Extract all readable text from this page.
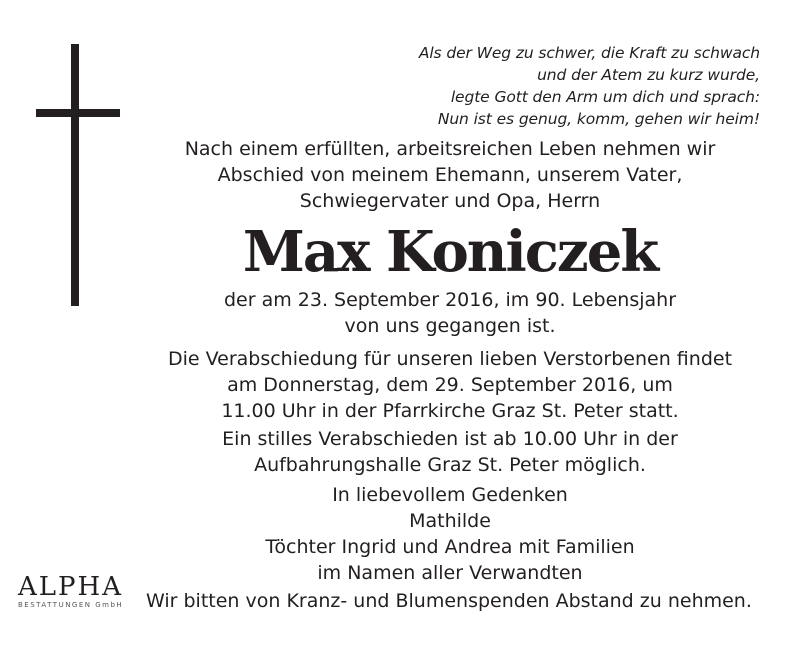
Als der Weg zu schwer, die Kraft zu schwach
und der Atem zu kurz wurde,
legte Gott den Arm um dich und sprach:
Nun ist es genug, komm, gehen wir heim!
Nach einem erfüllten, arbeitsreichen Leben nehmen wir
Abschied von meinem Ehemann, unserem Vater,
Schwiegervater und Opa, Herrn
Max Koniczek
der am 23. September 2016, im 90. Lebensjahr
von uns gegangen ist.
Die Verabschiedung für unseren lieben Verstorbenen findet
am Donnerstag, dem 29. September 2016, um
11.00 Uhr in der Pfarrkirche Graz St. Peter statt.
Ein stilles Verabschieden ist ab 10.00 Uhr in der
Aufbahrungshalle Graz St. Peter möglich.
In liebevollem Gedenken
Mathilde
Töchter Ingrid und Andrea mit Familien
im Namen aller Verwandten
ALPHA
BESTATTUNGEN GmbH	Wir bitten von Kranz- und Blumenspenden Abstand zu nehmen.
